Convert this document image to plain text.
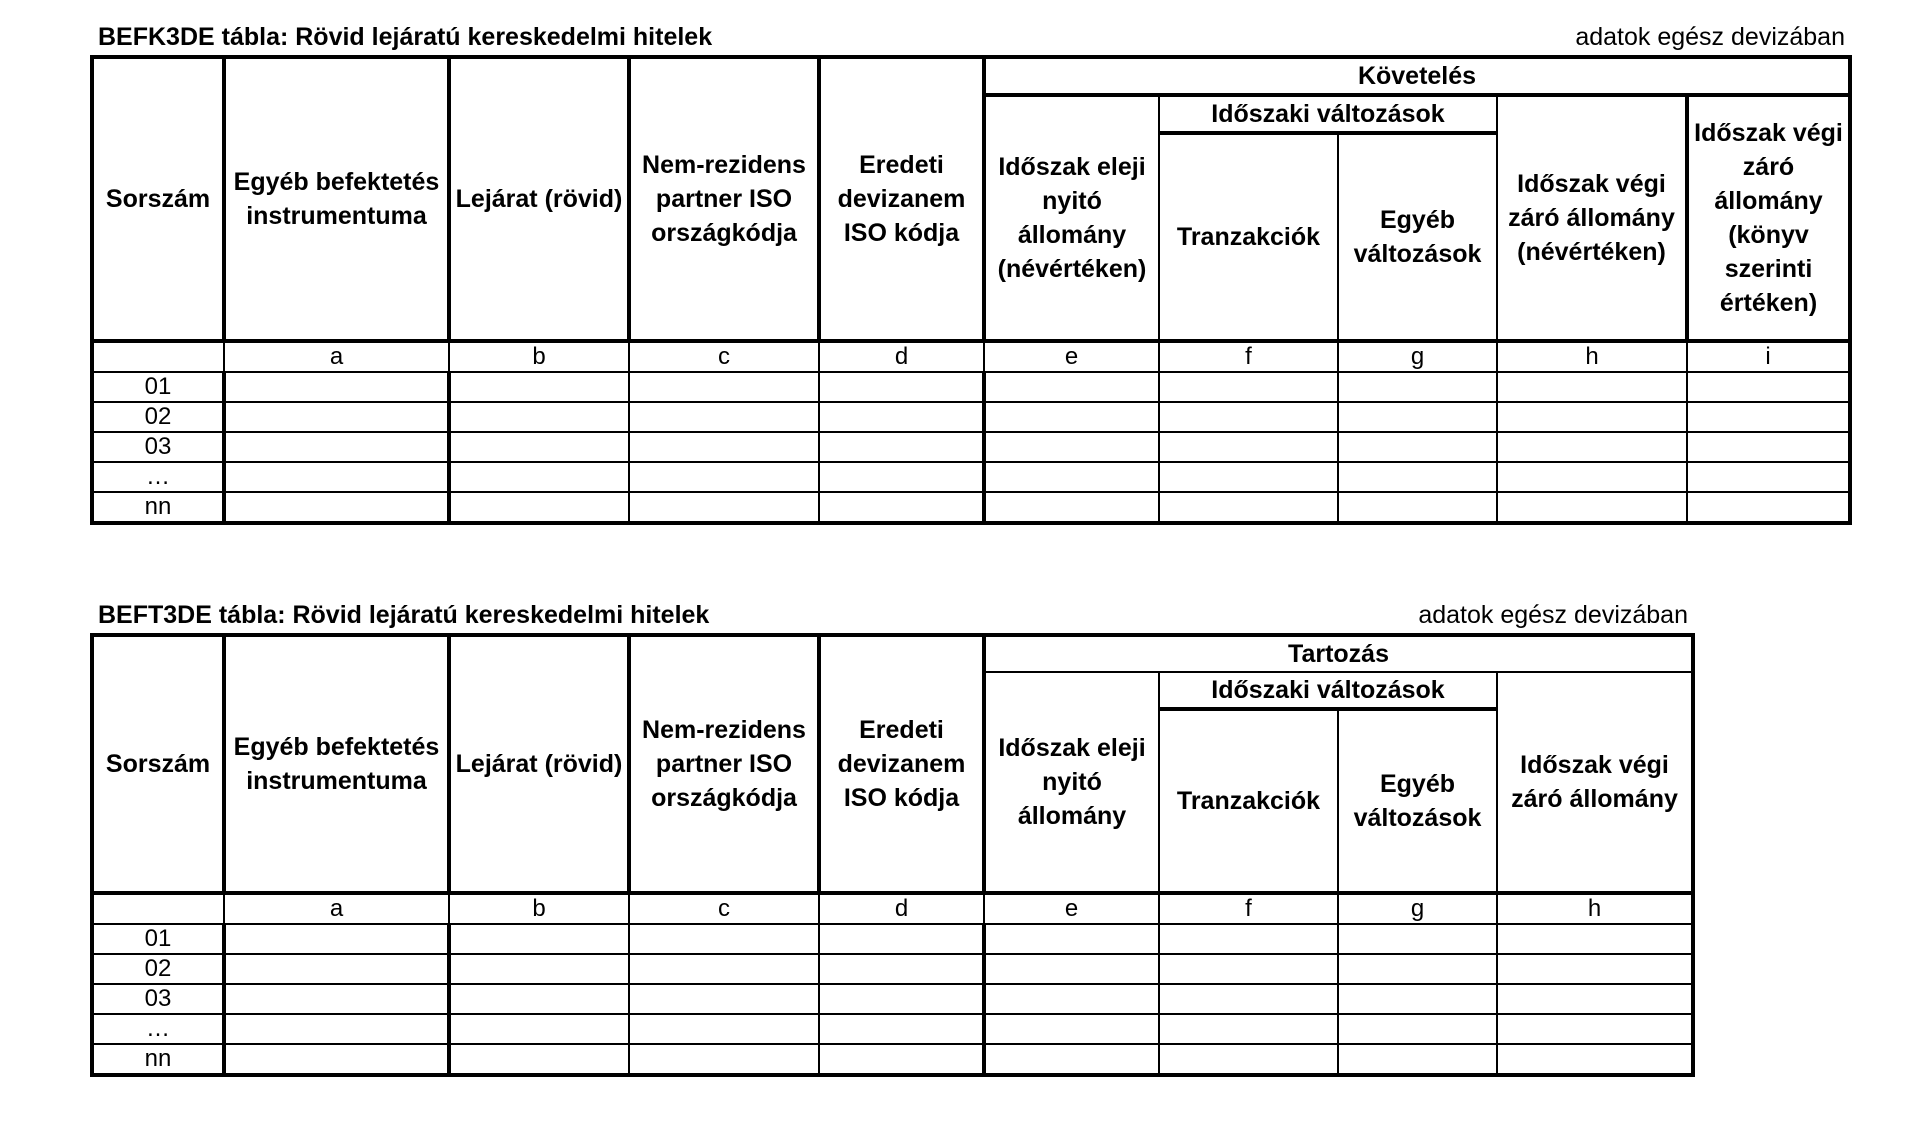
BEFK3DE tábla: Rövid lejáratú kereskedelmi hitelek	adatok egész devizában
Sorszám	Egyéb befektetés instrumentuma	Lejárat (rövid)	Nem-rezidens partner ISO országkódja	Eredeti devizanem ISO kódja	Követelés				
					Időszak eleji nyitó állomány (névértéken)	Időszaki változások		Időszak végi záró állomány (névértéken)	Időszak végi záró állomány (könyv szerinti értéken)
						Tranzakciók	Egyéb változások		

	a	b	c	d	e	f	g	h	i
01									
02									
03									
…									
nn									
BEFT3DE tábla: Rövid lejáratú kereskedelmi hitelek	adatok egész devizában
Sorszám	Egyéb befektetés instrumentuma	Lejárat (rövid)	Nem-rezidens partner ISO országkódja	Eredeti devizanem ISO kódja	Tartozás			
					Időszak eleji nyitó állomány	Időszaki változások		Időszak végi záró állomány
						Tranzakciók	Egyéb változások	

	a	b	c	d	e	f	g	h
01								
02								
03								
…								
nn								
